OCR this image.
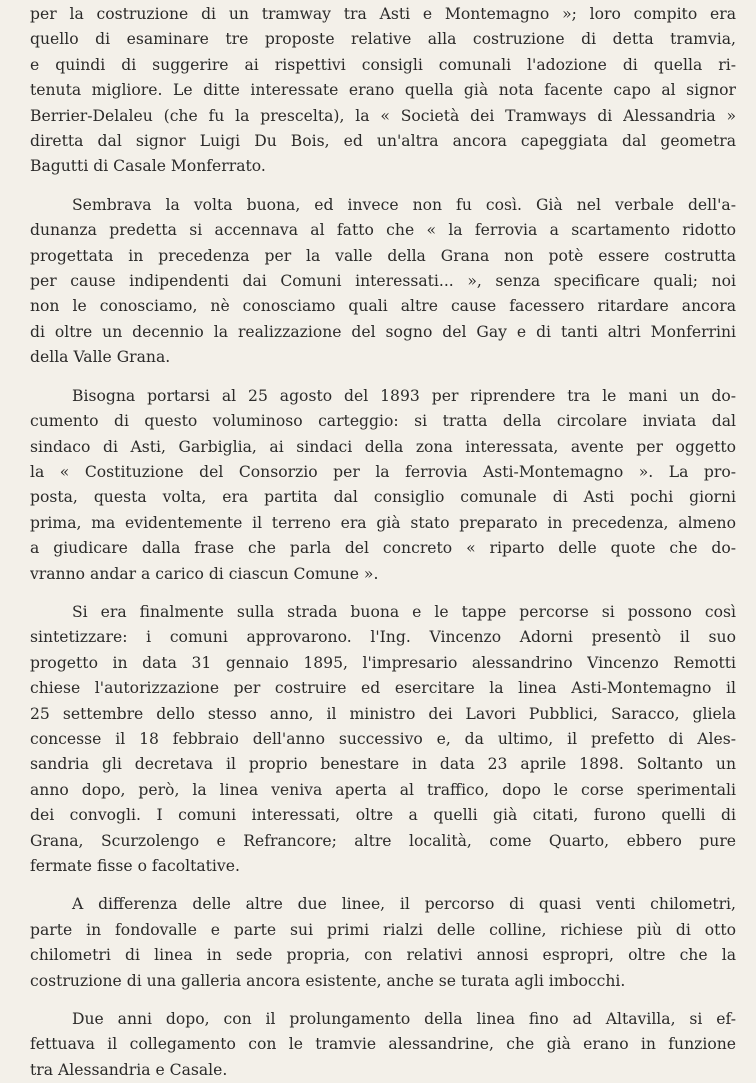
per la costruzione di un tramway tra Asti e Montemagno »; loro compito era
quello di esaminare tre proposte relative alla costruzione di detta tramvia,
e quindi di suggerire ai rispettivi consigli comunali l'adozione di quella ri-
tenuta migliore. Le ditte interessate erano quella già nota facente capo al signor
Berrier-Delaleu (che fu la prescelta), la « Società dei Tramways di Alessandria »
diretta dal signor Luigi Du Bois, ed un'altra ancora capeggiata dal geometra
Bagutti di Casale Monferrato.
Sembrava la volta buona, ed invece non fu così. Già nel verbale dell'a-
dunanza predetta si accennava al fatto che « la ferrovia a scartamento ridotto
progettata in precedenza per la valle della Grana non potè essere costrutta
per cause indipendenti dai Comuni interessati... », senza specificare quali; noi
non le conosciamo, nè conosciamo quali altre cause facessero ritardare ancora
di oltre un decennio la realizzazione del sogno del Gay e di tanti altri Monferrini
della Valle Grana.
Bisogna portarsi al 25 agosto del 1893 per riprendere tra le mani un do-
cumento di questo voluminoso carteggio: si tratta della circolare inviata dal
sindaco di Asti, Garbiglia, ai sindaci della zona interessata, avente per oggetto
la « Costituzione del Consorzio per la ferrovia Asti-Montemagno ». La pro-
posta, questa volta, era partita dal consiglio comunale di Asti pochi giorni
prima, ma evidentemente il terreno era già stato preparato in precedenza, almeno
a giudicare dalla frase che parla del concreto « riparto delle quote che do-
vranno andar a carico di ciascun Comune ».
Si era finalmente sulla strada buona e le tappe percorse si possono così
sintetizzare: i comuni approvarono. l'Ing. Vincenzo Adorni presentò il suo
progetto in data 31 gennaio 1895, l'impresario alessandrino Vincenzo Remotti
chiese l'autorizzazione per costruire ed esercitare la linea Asti-Montemagno il
25 settembre dello stesso anno, il ministro dei Lavori Pubblici, Saracco, gliela
concesse il 18 febbraio dell'anno successivo e, da ultimo, il prefetto di Ales-
sandria gli decretava il proprio benestare in data 23 aprile 1898. Soltanto un
anno dopo, però, la linea veniva aperta al traffico, dopo le corse sperimentali
dei convogli. I comuni interessati, oltre a quelli già citati, furono quelli di
Grana, Scurzolengo e Refrancore; altre località, come Quarto, ebbero pure
fermate fisse o facoltative.
A differenza delle altre due linee, il percorso di quasi venti chilometri,
parte in fondovalle e parte sui primi rialzi delle colline, richiese più di otto
chilometri di linea in sede propria, con relativi annosi espropri, oltre che la
costruzione di una galleria ancora esistente, anche se turata agli imbocchi.
Due anni dopo, con il prolungamento della linea fino ad Altavilla, si ef-
fettuava il collegamento con le tramvie alessandrine, che già erano in funzione
tra Alessandria e Casale.
